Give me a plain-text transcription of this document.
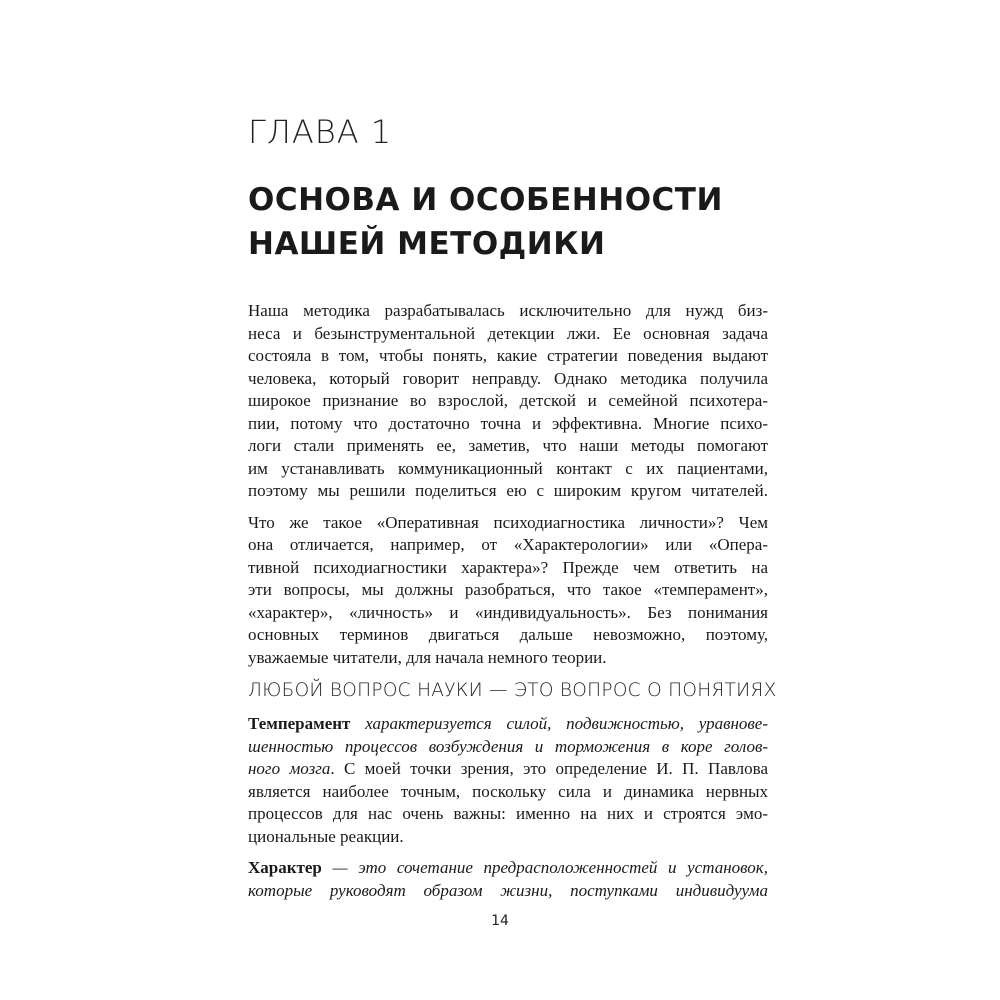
ГЛАВА 1
ОСНОВА И ОСОБЕННОСТИ
НАШЕЙ МЕТОДИКИ
Наша методика разрабатывалась исключительно для нужд биз-
неса и безынструментальной детекции лжи. Ее основная задача
состояла в том, чтобы понять, какие стратегии поведения выдают
человека, который говорит неправду. Однако методика получила
широкое признание во взрослой, детской и семейной психотера-
пии, потому что достаточно точна и эффективна. Многие психо-
логи стали применять ее, заметив, что наши методы помогают
им устанавливать коммуникационный контакт с их пациентами,
поэтому мы решили поделиться ею с широким кругом читателей.
Что же такое «Оперативная психодиагностика личности»? Чем
она отличается, например, от «Характерологии» или «Опера-
тивной психодиагностики характера»? Прежде чем ответить на
эти вопросы, мы должны разобраться, что такое «темперамент»,
«характер», «личность» и «индивидуальность». Без понимания
основных терминов двигаться дальше невозможно, поэтому,
уважаемые читатели, для начала немного теории.
ЛЮБОЙ ВОПРОС НАУКИ — ЭТО ВОПРОС О ПОНЯТИЯХ
Темперамент характеризуется силой, подвижностью, уравнове-
шенностью процессов возбуждения и торможения в коре голов-
ного мозга. С моей точки зрения, это определение И. П. Павлова
является наиболее точным, поскольку сила и динамика нервных
процессов для нас очень важны: именно на них и строятся эмо-
циональные реакции.
Характер — это сочетание предрасположенностей и установок,
которые руководят образом жизни, поступками индивидуума
14
